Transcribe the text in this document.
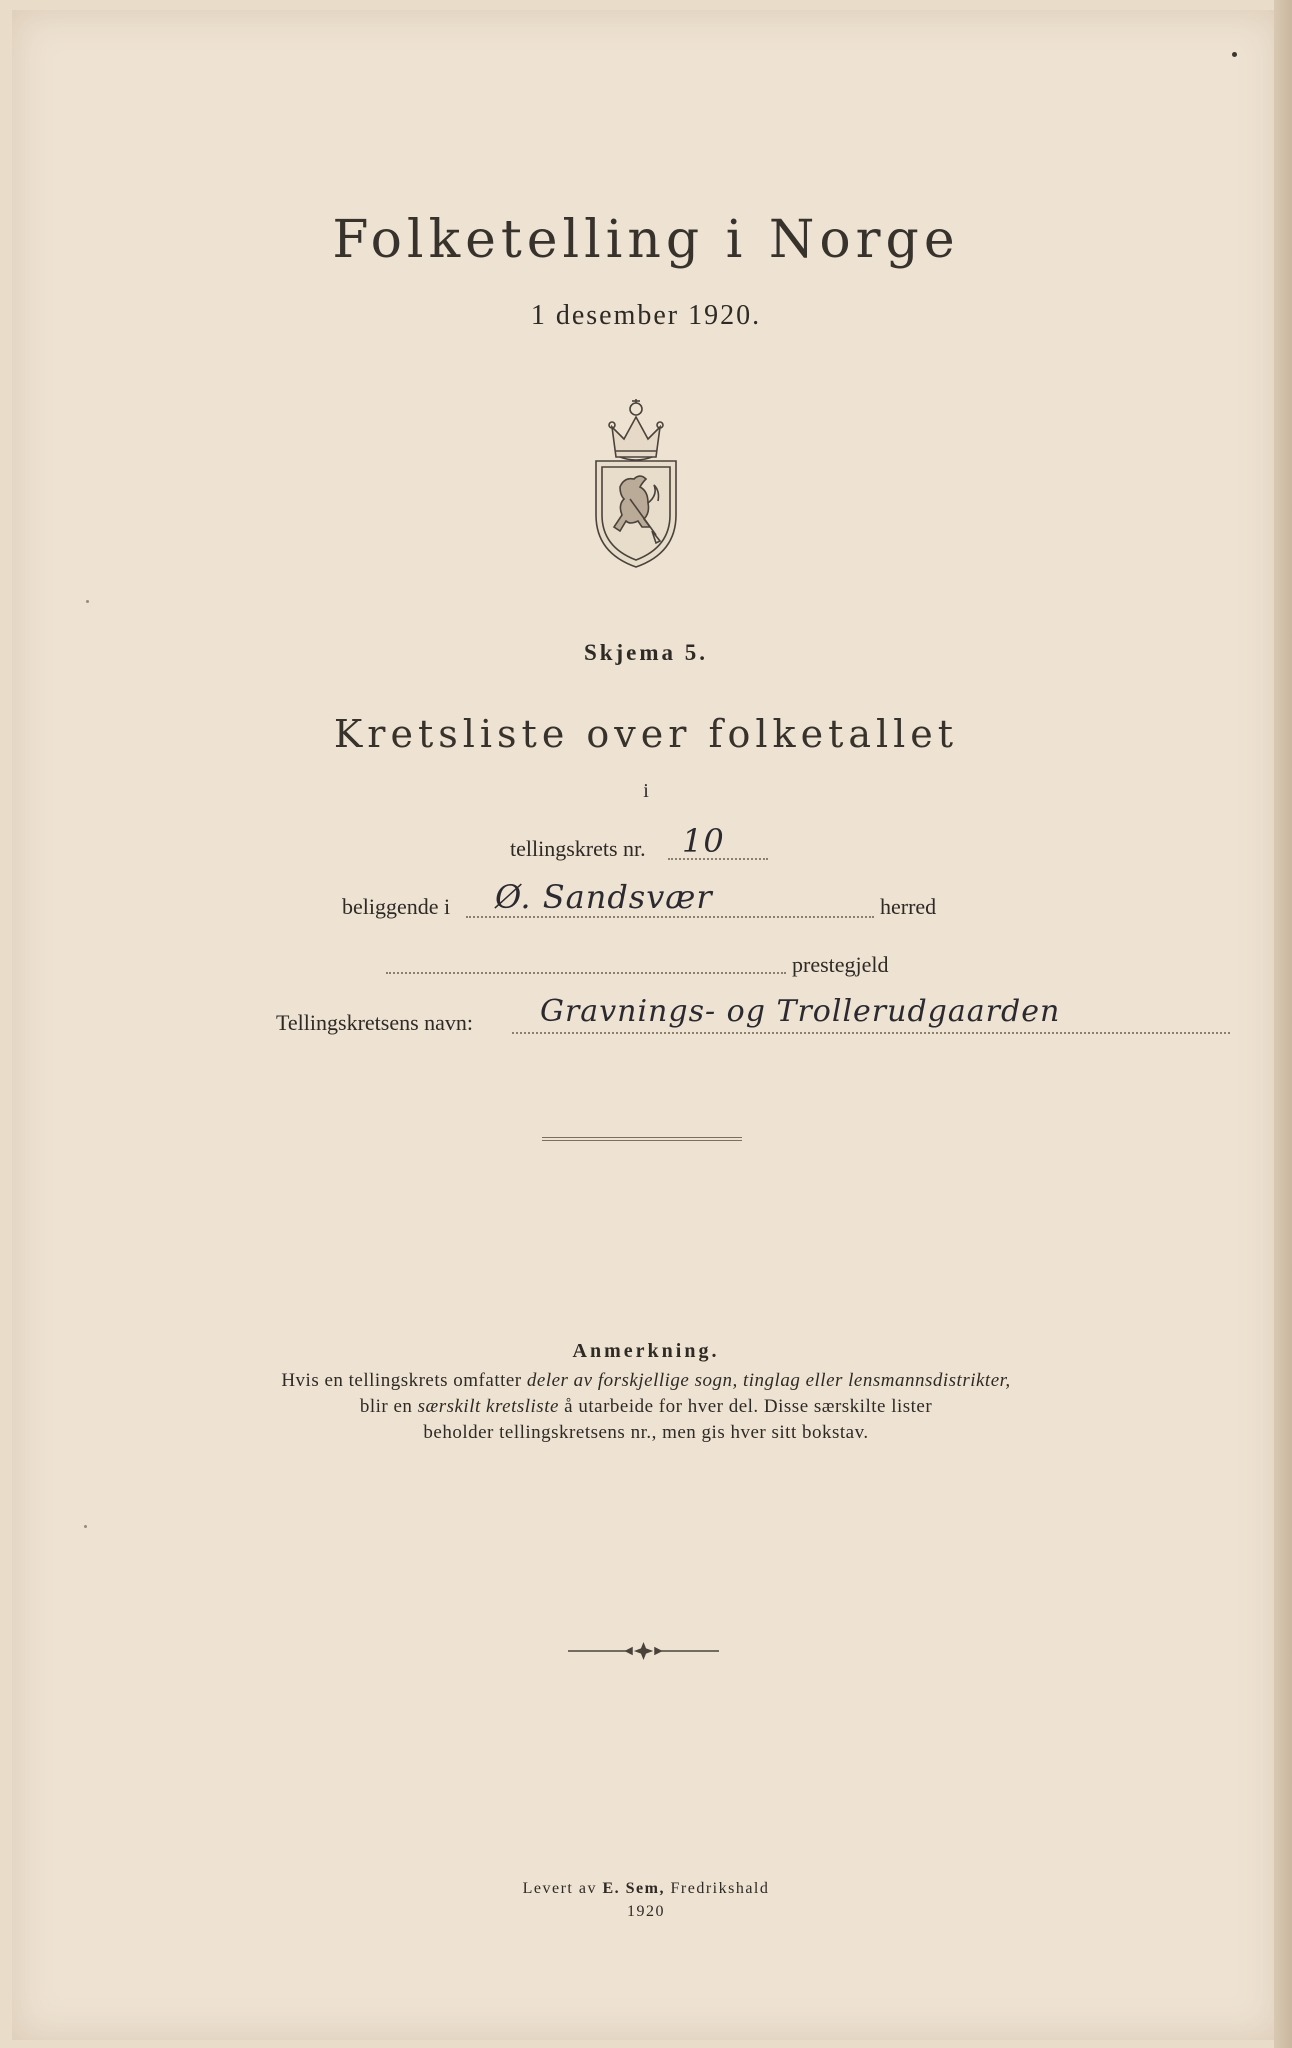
Folketelling i Norge
1 desember 1920.
Skjema 5.
Kretsliste over folketallet
i
tellingskrets nr. 10
beliggende i Ø. Sandsvær	herred
prestegjeld
Tellingskretsens navn: Gravnings- og Trollerudgaarden
Anmerkning.
Hvis en tellingskrets omfatter deler av forskjellige sogn, tinglag eller lensmannsdistrikter,
blir en særskilt kretsliste å utarbeide for hver del. Disse særskilte lister
beholder tellingskretsens nr., men gis hver sitt bokstav.
Levert av E. Sem, Fredrikshald
1920
